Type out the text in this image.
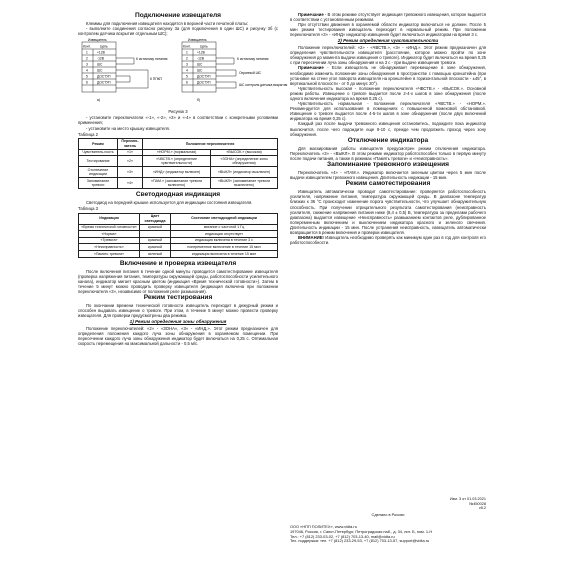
Подключение извещателя

Клеммы для подключения извещателя находятся в верхней части печатной платы:

- выполните соединения согласно рисунку 3а (для подключения в один ШС) и рисунку 3б (с контролем датчика вскрытия отдельным ШС);

Извещатель
Конт.	Цепь
1	+12В
2	-12В
3	ШС
4	ШС
5	ДОСТУП
6	ДОСТУП
К источнику питания
К ППКП
а)
Извещатель
Конт.	Цепь
1	+12В
2	-12В
3	ШС
4	ШС
5	ДОСТУП
6	ДОСТУП
К источнику питания
Охранный ШС
ШС контроля датчика вскрытия
б)

Рисунок 3

- установите переключатели «-1», «-2», «3» и «-4» в соответствии с конкретными условиями применения;

- установите на место крышку извещателя.

Таблица 2

Режим	Переклю-чатель	Положение переключателя	
Чувствитель-ность	«1»	«НОРМ.» (нормальная)	«ВЫСОК.» (высокая)
Тестирование	«2»	«ЧВСТВ.» (определение чувствительности)	«ЗОНА» (определение зоны обнаружения)
Отключение индикации	«3»	«ИНД» (индикатор включен)	«ВЫКЛ» (индикатор выключен)
Запоминание тревоги	«4»	«ПАМ.» (запоминание тревоги включено)	«ВЫКЛ» (запоминание тревоги выключено)
Светодиодная индикация

Светодиод на передней крышке используется для индикации состояния извещателя.

Таблица 3

Индикация	Цвет светодиода	Состояние светодиодной индикации
«Время технической готовности»	красный	мигание с частотой 1 Гц
«Норма»		индикация отсутствует
«Тревога»	красный	индикация включена в течение 3 с
«Неисправность»	красный	попеременное включение в течение 15 мин
«Память тревоги»	зеленый	индикация включена в течение 15 мин
Включение и проверка извещателя

После включения питания в течение одной минуты проводится самотестирование извещателя (проверка напряжения питания, температуры окружающей среды, работоспособности усилительного канала), индикатор мигает красным цветом (индикация «Время технической готовности»). Затем в течение 5 минут можно проводить проверку извещателя (индикация включена при положении переключателя «3», независимо от положения реле размыкания).

Режим тестирования

По окончании времени технической готовности извещатель переходит в дежурный режим и способен выдавать извещение о тревоге. При этом, в течение 5 минут можно провести проверку извещателя. Для проверки предусмотрены два режима.

1) Режим определения зоны обнаружения

Положение переключателей: «2» - «ЗОНА», «3» - «ИНД.». Этот режим предназначен для определения положения каждого луча зоны обнаружения в охраняемом помещении. При пересечении каждого луча зоны обнаружения индикатор будет включаться на 0,25 с. Оптимальная скорость перемещения на максимальной дальности - 0,5 м/с.

Примечание - В этом режиме отсутствует индикация тревожного извещения, которое выдается в соответствии с установленным режимом.

При отсутствии движения в охраняемой области индикатор включаться не должен. После 5 мин режим тестирования извещатель переходит в нормальный режим. При положении переключателя «3» - «ИНД» индикатор извещения будет включаться индикатором на время 3 с.

2) Режим определения чувствительности

Положение переключателей: «2» - «ЧВСТВ.», «3» - «ИНД.». Этот режим предназначен для определения чувствительности извещателя (расстояние, которое можно пройти по зоне обнаружения до момента выдачи извещения о тревоге). Индикатор будет включаться на время 0,25 с при пересечении луча зоны обнаружения и на 3 с - при выдаче извещения тревоги.

Примечание - Если извещатель не обнаруживает перемещение в зоне обнаружения, необходимо изменить положение зоны обнаружения в пространстве с помощью кронштейна (при установке на стене угол поворота извещателя на кронштейне в горизонтальной плоскости - ±45°, в вертикальной плоскости - от 0 до минус 20°).

Чувствительность высокая - положение переключателя «ЧВСТВ.» - «ВЫСОК.». Основной режим работы. Извещение о тревоге выдается после 2-4-х шагов в зоне обнаружения (после одного включения индикатора на время 0,25 с).

Чувствительность нормальная - положение переключателя «ЧВСТВ.» - «НОРМ.». Рекомендуется для использования в помещениях с повышенной помеховой обстановкой. Извещение о тревоге выдается после 4-5-ти шагов в зоне обнаружения (после двух включений индикатора на время 0,25 с).

Каждый раз после выдачи тревожного извещения остановитесь, подождите пока индикатор выключится, после чего подождите еще 8-10 с, прежде чем продолжить проход через зону обнаружения.

Отключение индикатора

Для маскирования работы извещателя предусмотрен режим отключения индикатора. Переключатель «3» - «ВЫКЛ». В этом режиме индикатор работоспособен только в первую минуту после подачи питания, а также в режимах «Память тревоги» и «Неисправность».

Запоминание тревожного извещения

Переключатель «4» - «ПАМ.». Индикатор включается зеленым цветом через 5 мин после выдачи извещателем тревожного извещения. Длительность индикации - 15 мин.

Режим самотестирования

Извещатель автоматически проводит самотестирование: проверяется работоспособность усилителя, напряжение питания, температура окружающей среды. В диапазоне температур близких к 36 °С происходит изменение порога чувствительности, что улучшает обнаружительную способность. При получении отрицательного результата самотестирования (неисправность усилителя, снижение напряжения питания ниже (8,4 ± 0,5) В, температура за пределами рабочего диапазона) выдается извещение «Неисправность» размыканием контактов реле, дублированное попеременным включением и выключением индикатора красного и зеленого свечения. Длительность индикации - 15 мин. После устранения неисправность, извещатель автоматически возвращается в режим включения и проверки извещателя.

ВНИМАНИЕ! Извещатель необходимо проверять как минимум один раз в год для контроля его работоспособности.

Изм. 3 от 01.03.2021
№450028
v5.2
Сделано в России
ООО «НПП ПОЛИТЕХ», www.vidta.ru
197046, Россия, г. Санкт-Петербург, Петроградская наб., д. 34, лит. Б, пом. 1-Н
Тел.: +7 (812) 233-03-02, +7 (812) 703-13-40, mail@vidta.ru
Тех. поддержка: тел. +7 (812) 233-29-53, +7 (812) 703-13-57, support@vidta.ru
